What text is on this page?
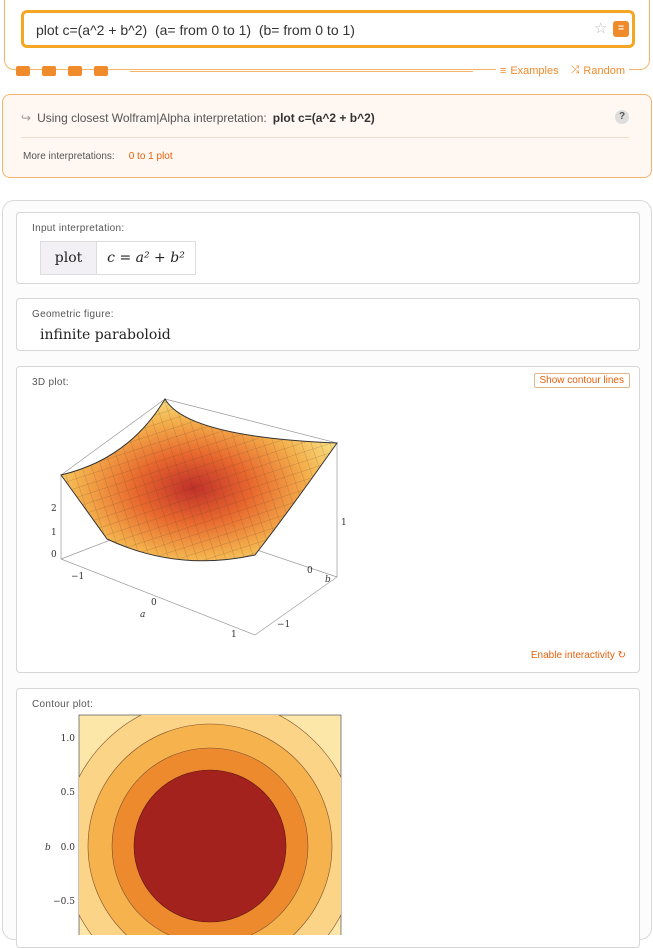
plot c=(a^2 + b^2) (a= from 0 to 1) (b= from 0 to 1)
☆	=
≡ Examples ⤨ Random
↪ Using closest Wolfram|Alpha interpretation: plot c=(a^2 + b^2)	?
More interpretations: 0 to 1 plot
Input interpretation:
plot	c = a² + b²
Geometric figure:
infinite paraboloid
3D plot:	Show contour lines
2
1
0
−1
0
1
1
0
−1
a
b
Enable interactivity ↻
Contour plot:
1.0
0.5
0.0
−0.5
b
